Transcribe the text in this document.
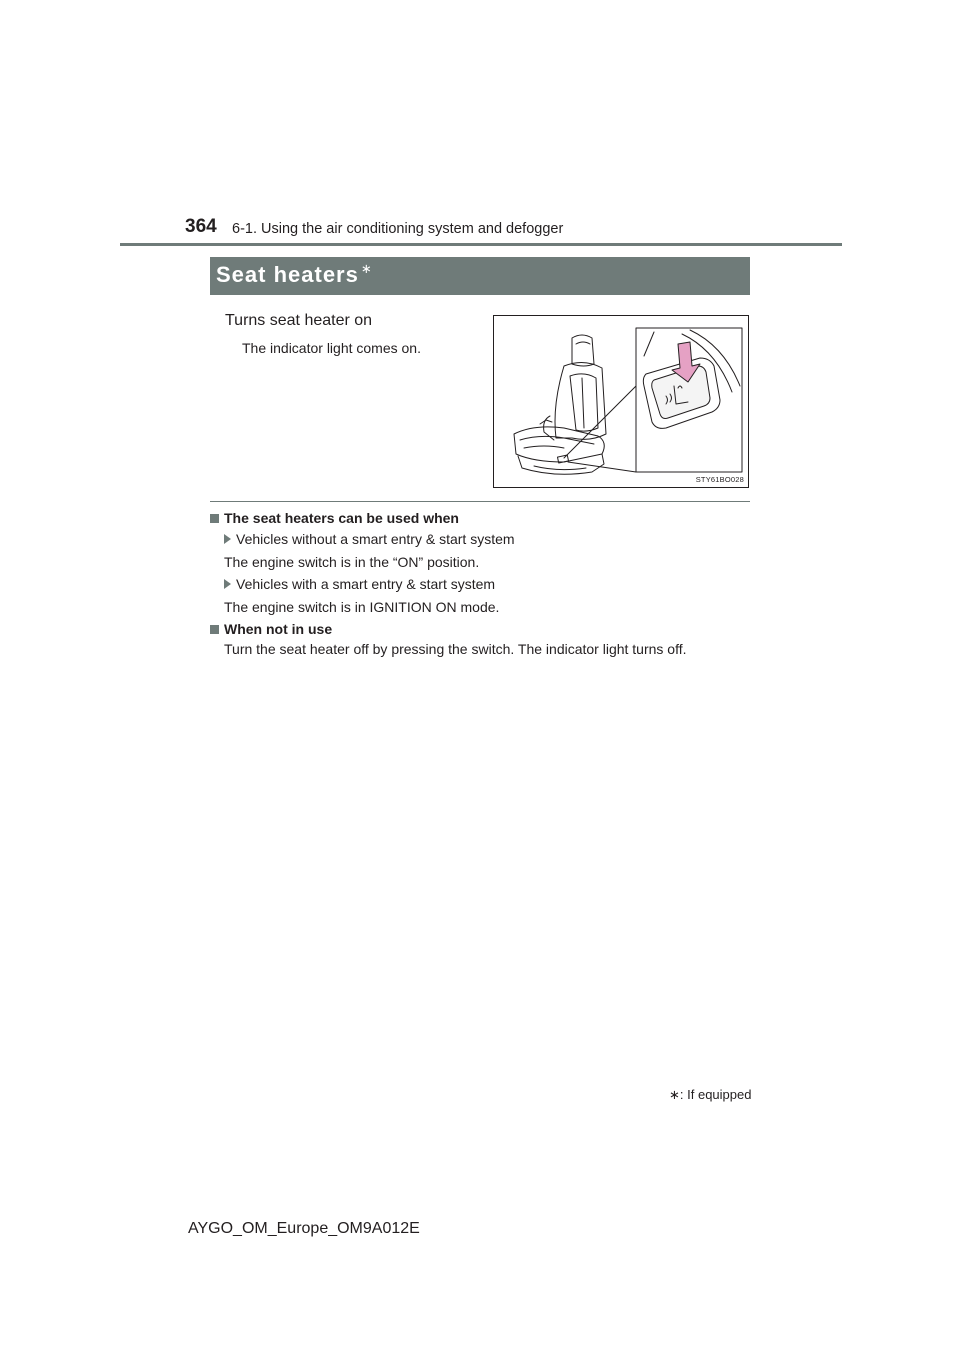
364 6-1. Using the air conditioning system and defogger
Seat heaters ∗
Turns seat heater on
The indicator light comes on.
STY61BO028
The seat heaters can be used when
Vehicles without a smart entry & start system
The engine switch is in the “ON” position.
Vehicles with a smart entry & start system
The engine switch is in IGNITION ON mode.
When not in use
Turn the seat heater off by pressing the switch. The indicator light turns off.
∗: If equipped
AYGO_OM_Europe_OM9A012E
